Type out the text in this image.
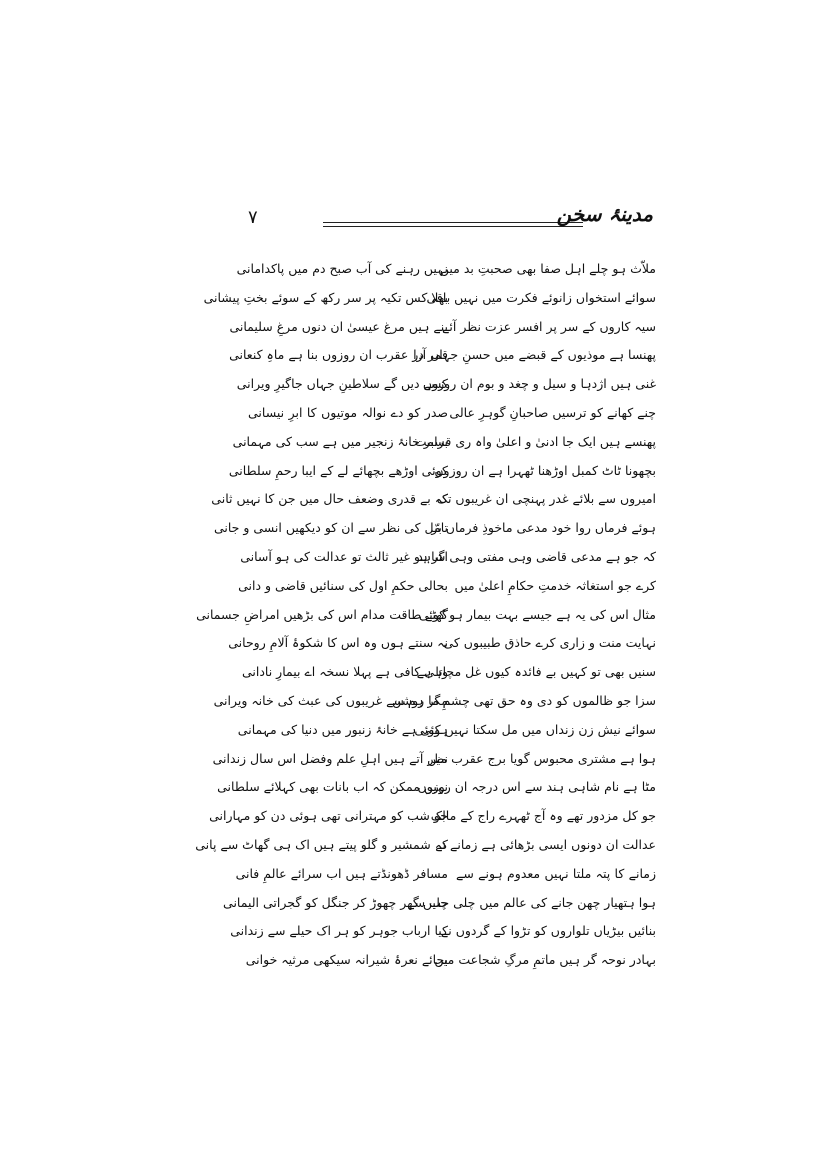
۷	مدینۂ سخن
ملاّث ہو چلے اہل صفا بھی صحبتِ بد میں
سوائے استخواں زانوئے فکرت میں نہیں باقی
سیہ کاروں کے سر پر افسر عزت نظر آئے
پھنسا ہے موذیوں کے قبضے میں حسنِ جہاں آرا
غنی ہیں اژدہا و سیل و چغد و بوم ان روزوں
چنے کھانے کو ترسیں صاحبانِ گوہرِ عالی
پھنسے ہیں ایک جا ادنیٰ و اعلیٰ واہ ری قسمت
بچھونا ٹاٹ کمبل اوڑھنا ٹھہرا ہے ان روزوں
امیروں سے بلائے غدر پہنچی ان غریبوں تک
ہوئے فرماں روا خود مدعی ماخوذِ فرماں بر
کہ جو ہے مدعی قاضی وہی مفتی وہی شاہد
کرے جو استغاثہ خدمتِ حکامِ اعلیٰ میں
مثال اس کی یہ ہے جیسے بہت بیمار ہو کوئی
نہایت منت و زاری کرے حاذق طبیبوں کی
سنیں بھی تو کہیں بے فائدہ کیوں غل مچاتا ہے
سزا جو ظالموں کو دی وہ حق تھی چشمِ ما روشن
سوائے نیش زن زنداں میں مل سکتا نہیں کوئی
ہوا ہے مشتری محبوس گویا برج عقرب میں
مٹا ہے نام شاہی ہند سے اس درجہ ان روزوں
جو کل مزدور تھے وہ آج ٹھہرے راج کے مالک
عدالت ان دونوں ایسی بڑھائی ہے زمانے نے
زمانے کا پتہ ملتا نہیں معدوم ہونے سے
ہوا ہتھیار چھن جانے کی عالم میں چلی جب سے
بنائیں بیڑیاں تلواروں کو تڑوا کے گردوں نے
بہادر نوحہ گر ہیں ماتمِ مرگِ شجاعت میں
نہیں رہنے کی آب صبح دم میں پاکدامانی
بھلا کس تکیہ پر سر رکھ کے سوئے بختِ پیشانی
بنے ہیں مرغ عیسیٰ ان دنوں مرغِ سلیمانی
قمر در عقرب ان روزوں بنا ہے ماہِ کنعانی
کسے دیں گے سلاطینِ جہاں جاگیرِ ویرانی
صدر کو دے نوالہ موتیوں کا ابرِ نیسانی
برابر خانۂ زنجیر میں ہے سب کی مہمانی
کوئی اوڑھے بچھائے لے کے ایبا رحمِ سلطانی
کہ بے قدری وضعف حال میں جن کا نہیں ثانی
تامّل کی نظر سے ان کو دیکھیں انسی و جانی
اگر ہو غیر ثالث تو عدالت کی ہو آسانی
بحالی حکمِ اول کی سنائیں قاضی و دانی
گھٹے طاقت مدام اس کی بڑھیں امراضِ جسمانی
نہ سنتے ہوں وہ اس کا شکوۂ آلامِ روحانی
وہی کافی ہے پہلا نسخہ اے بیمارِ نادانی
مگر ہم سے غریبوں کی عبث کی خانہ ویرانی
ہوئی ہے خانۂ زنبور میں دنیا کی مہمانی
نظر آتے ہیں اہلِ علم وفضل اس سال زندانی
نہیں ممکن کہ اب بانات بھی کہلائے سلطانی
جو شب کو مہترانی تھی ہوئی دن کو مہارانی
کہ شمشیر و گلو پیتے ہیں اک ہی گھاٹ سے پانی
مسافر ڈھونڈتے ہیں اب سرائے عالمِ فانی
چلیں گھر چھوڑ کر جنگل کو گجراتی الیمانی
کیا ارباب جوہر کو ہر اک حیلے سے زندانی
بجائے نعرۂ شیرانہ سیکھی مرثیہ خوانی
